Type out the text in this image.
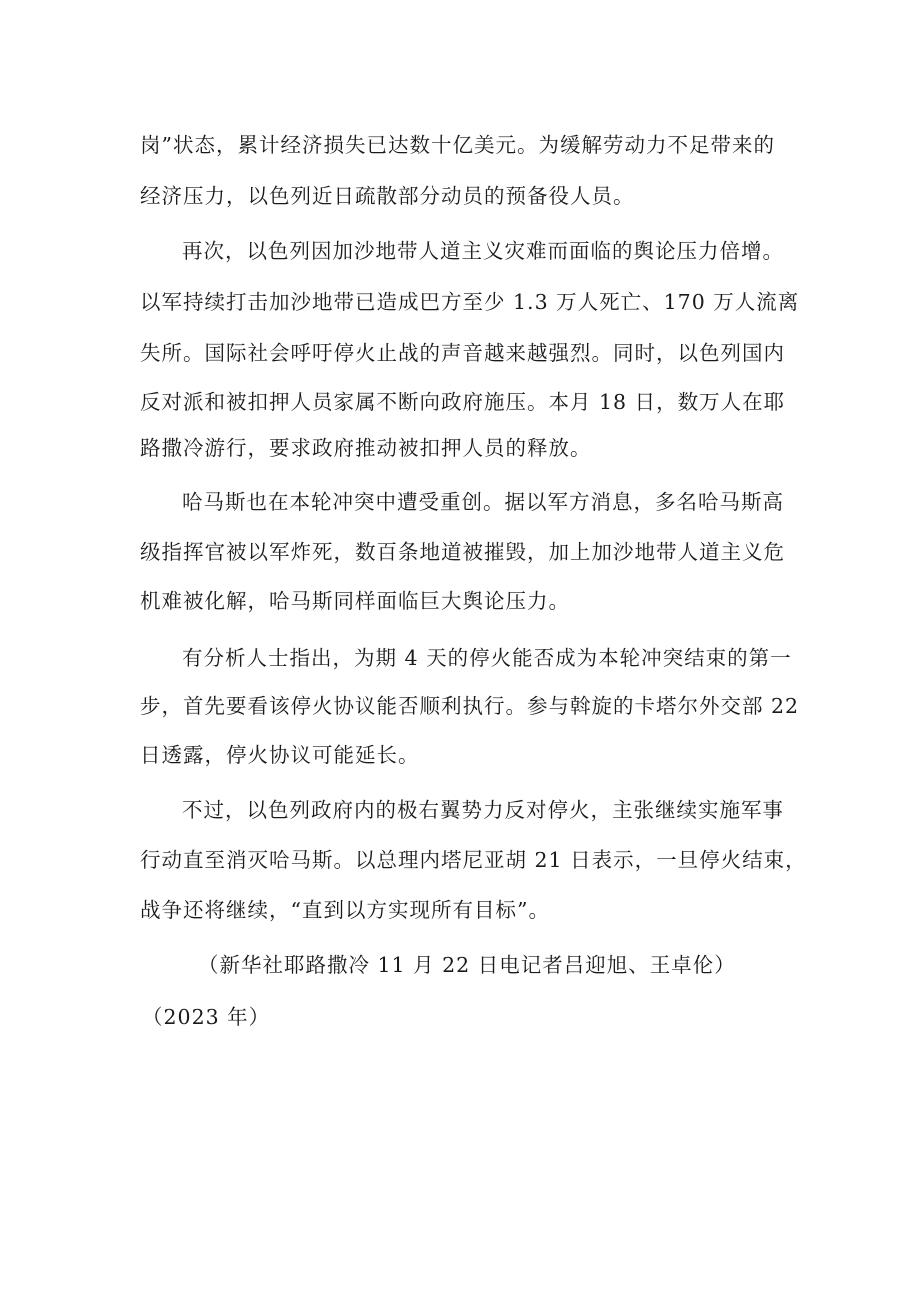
岗”状态，累计经济损失已达数十亿美元。为缓解劳动力不足带来的
经济压力，以色列近日疏散部分动员的预备役人员。
再次，以色列因加沙地带人道主义灾难而面临的舆论压力倍增。
以军持续打击加沙地带已造成巴方至少 1.3 万人死亡、170 万人流离
失所。国际社会呼吁停火止战的声音越来越强烈。同时，以色列国内
反对派和被扣押人员家属不断向政府施压。本月 18 日，数万人在耶
路撒冷游行，要求政府推动被扣押人员的释放。
哈马斯也在本轮冲突中遭受重创。据以军方消息，多名哈马斯高
级指挥官被以军炸死，数百条地道被摧毁，加上加沙地带人道主义危
机难被化解，哈马斯同样面临巨大舆论压力。
有分析人士指出，为期 4 天的停火能否成为本轮冲突结束的第一
步，首先要看该停火协议能否顺利执行。参与斡旋的卡塔尔外交部 22
日透露，停火协议可能延长。
不过，以色列政府内的极右翼势力反对停火，主张继续实施军事
行动直至消灭哈马斯。以总理内塔尼亚胡 21 日表示，一旦停火结束，
战争还将继续，“直到以方实现所有目标”。
（新华社耶路撒冷 11 月 22 日电记者吕迎旭、王卓伦）
（2023 年）
